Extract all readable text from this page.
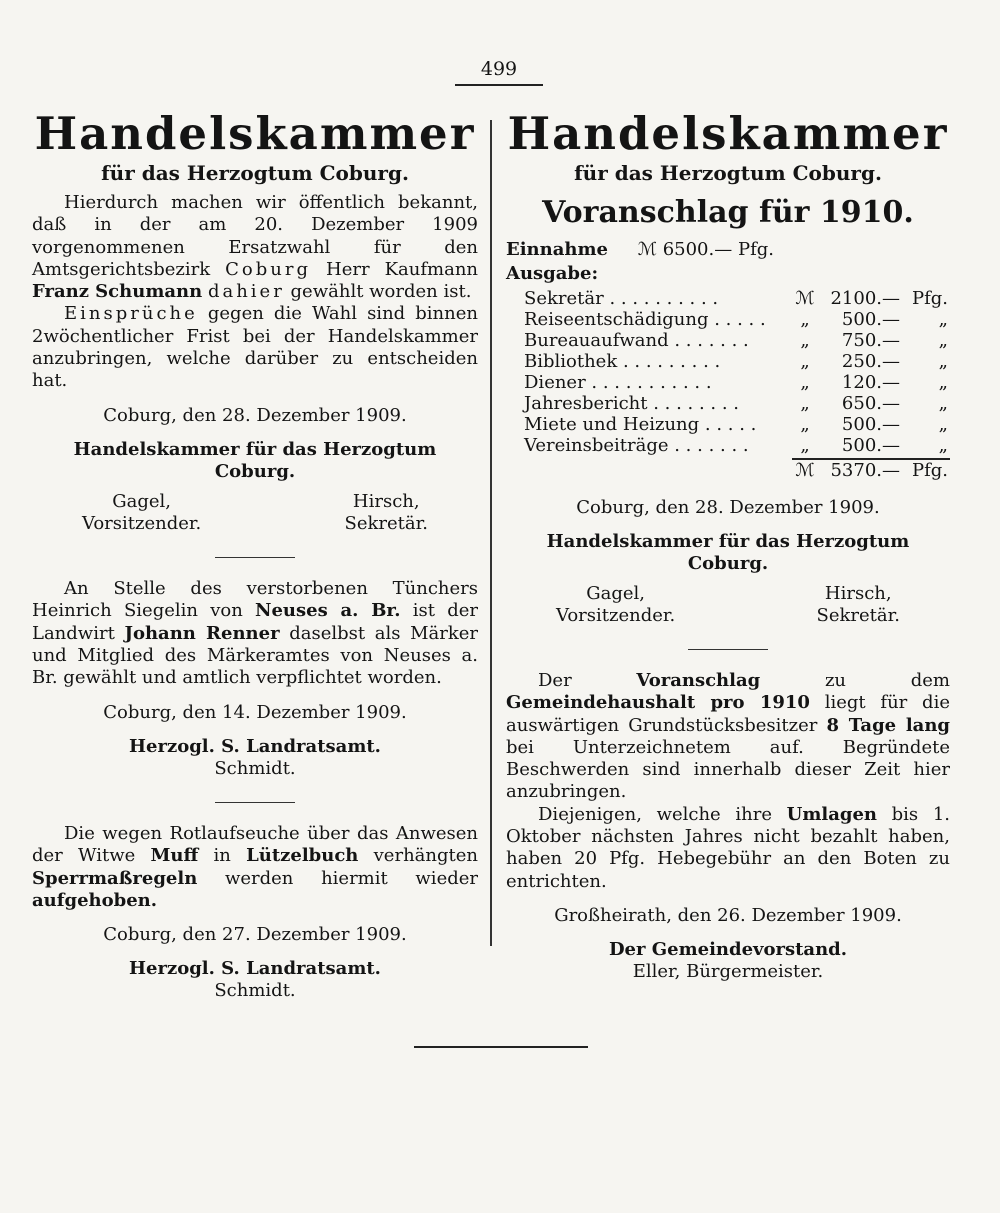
499
Handelskammer
für das Herzogtum Coburg.

Hierdurch machen wir öffentlich bekannt, daß in der am 20. Dezember 1909 vorgenommenen Ersatzwahl für den Amtsgerichtsbezirk Coburg Herr Kaufmann Franz Schumann dahier gewählt worden ist.

Einsprüche gegen die Wahl sind binnen 2wöchentlicher Frist bei der Handelskammer anzubringen, welche darüber zu entscheiden hat.

Coburg, den 28. Dezember 1909.
Handelskammer für das Herzogtum Coburg.
Gagel,
Vorsitzender.
Hirsch,
Sekretär.

An Stelle des verstorbenen Tünchers Heinrich Siegelin von Neuses a. Br. ist der Landwirt Johann Renner daselbst als Märker und Mitglied des Märkeramtes von Neuses a. Br. gewählt und amtlich verpflichtet worden.

Coburg, den 14. Dezember 1909.
Herzogl. S. Landratsamt.
Schmidt.

Die wegen Rotlaufseuche über das Anwesen der Witwe Muff in Lützelbuch verhängten Sperrmaßregeln werden hiermit wieder aufgehoben.

Coburg, den 27. Dezember 1909.
Herzogl. S. Landratsamt.
Schmidt.
Handelskammer
für das Herzogtum Coburg.
Voranschlag für 1910.
Einnahme ℳ 6500.— Pfg.
Ausgabe:
Sekretär . . . . . . . . . .	ℳ 2100.— Pfg.
Reiseentschädigung . . . . .	„	500.—	„
Bureauaufwand . . . . . . .	„	750.—	„
Bibliothek . . . . . . . . .	„	250.—	„
Diener . . . . . . . . . . .	„	120.—	„
Jahresbericht . . . . . . . .	„	650.—	„
Miete und Heizung . . . . .	„	500.—	„
Vereinsbeiträge . . . . . . .	„	500.—	„
ℳ 5370.— Pfg.
Coburg, den 28. Dezember 1909.
Handelskammer für das Herzogtum Coburg.
Gagel,
Vorsitzender.
Hirsch,
Sekretär.

Der Voranschlag zu dem Gemeindehaushalt pro 1910 liegt für die auswärtigen Grundstücksbesitzer 8 Tage lang bei Unterzeichnetem auf. Begründete Beschwerden sind innerhalb dieser Zeit hier anzubringen.

Diejenigen, welche ihre Umlagen bis 1. Oktober nächsten Jahres nicht bezahlt haben, haben 20 Pfg. Hebegebühr an den Boten zu entrichten.

Großheirath, den 26. Dezember 1909.
Der Gemeindevorstand.
Eller, Bürgermeister.
